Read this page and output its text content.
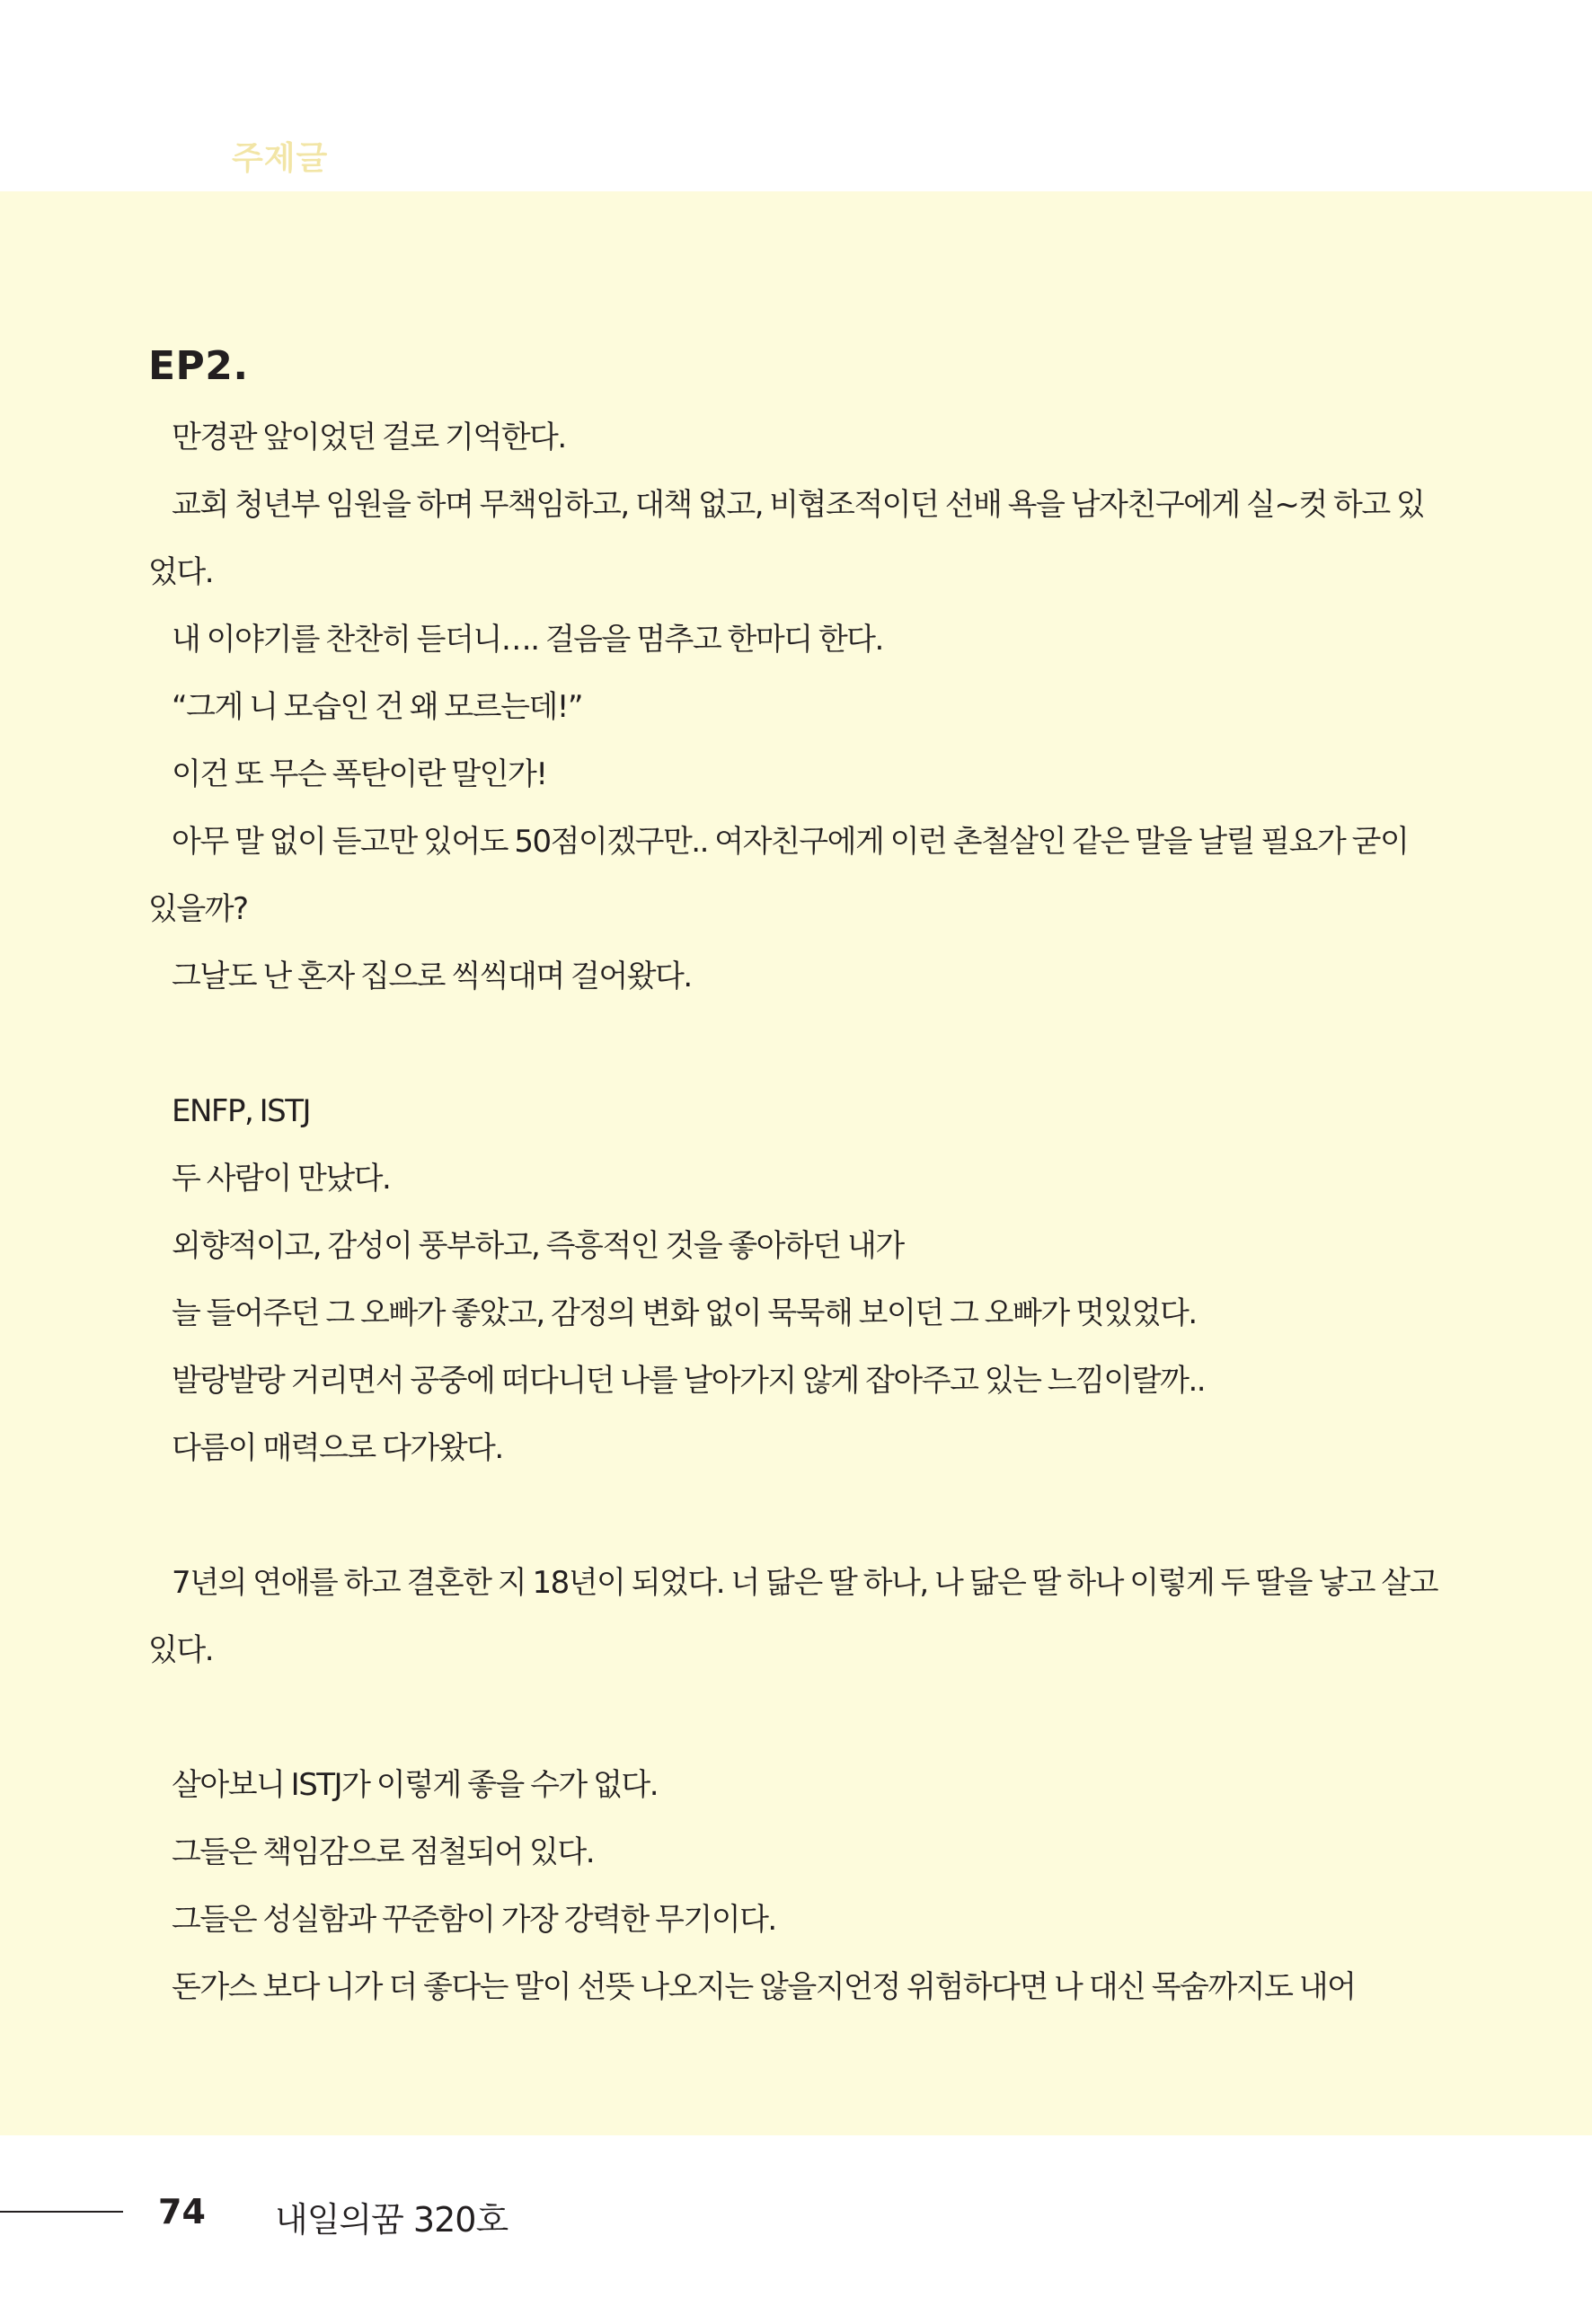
주제글
EP2.

만경관 앞이었던 걸로 기억한다.

교회 청년부 임원을 하며 무책임하고, 대책 없고, 비협조적이던 선배 욕을 남자친구에게 실~컷 하고 있었다.

내 이야기를 찬찬히 듣더니…. 걸음을 멈추고 한마디 한다.

“그게 니 모습인 건 왜 모르는데!”

이건 또 무슨 폭탄이란 말인가!

아무 말 없이 듣고만 있어도 50점이겠구만.. 여자친구에게 이런 촌철살인 같은 말을 날릴 필요가 굳이 있을까?

그날도 난 혼자 집으로 씩씩대며 걸어왔다.

ENFP, ISTJ

두 사람이 만났다.

외향적이고, 감성이 풍부하고, 즉흥적인 것을 좋아하던 내가

늘 들어주던 그 오빠가 좋았고, 감정의 변화 없이 묵묵해 보이던 그 오빠가 멋있었다.

발랑발랑 거리면서 공중에 떠다니던 나를 날아가지 않게 잡아주고 있는 느낌이랄까..

다름이 매력으로 다가왔다.

7년의 연애를 하고 결혼한 지 18년이 되었다. 너 닮은 딸 하나, 나 닮은 딸 하나 이렇게 두 딸을 낳고 살고 있다.

살아보니 ISTJ가 이렇게 좋을 수가 없다.

그들은 책임감으로 점철되어 있다.

그들은 성실함과 꾸준함이 가장 강력한 무기이다.

돈가스 보다 니가 더 좋다는 말이 선뜻 나오지는 않을지언정 위험하다면 나 대신 목숨까지도 내어

74 내일의꿈 320호
